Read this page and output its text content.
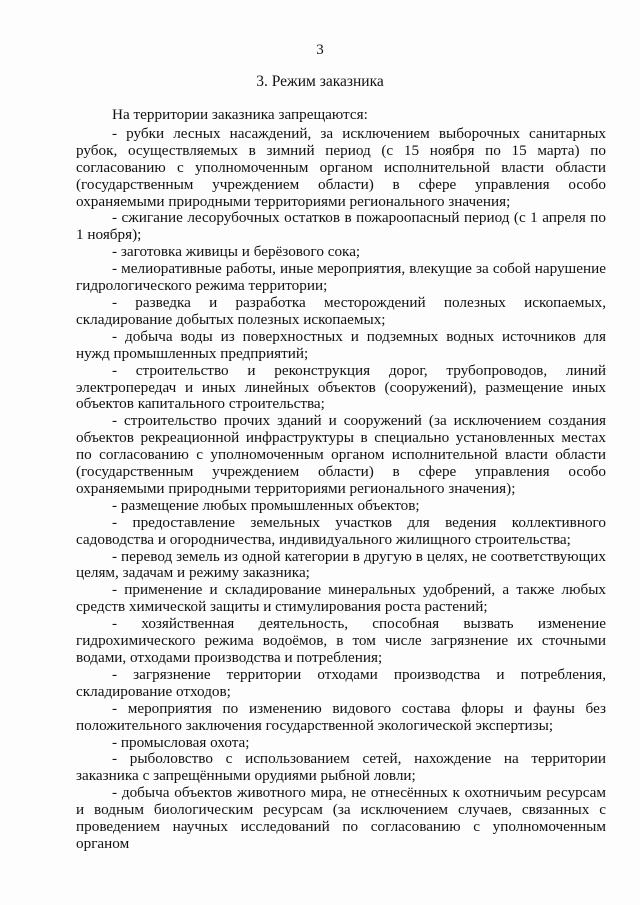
3
3. Режим заказника

На территории заказника запрещаются:

- рубки лесных насаждений, за исключением выборочных санитарных рубок, осуществляемых в зимний период (с 15 ноября по 15 марта) по согласованию с уполномоченным органом исполнительной власти области (государственным учреждением области) в сфере управления особо охраняемыми природными территориями регионального значения;

- сжигание лесорубочных остатков в пожароопасный период (с 1 апреля по 1 ноября);

- заготовка живицы и берёзового сока;

- мелиоративные работы, иные мероприятия, влекущие за собой нарушение гидрологического режима территории;

- разведка и разработка месторождений полезных ископаемых, складирование добытых полезных ископаемых;

- добыча воды из поверхностных и подземных водных источников для нужд промышленных предприятий;

- строительство и реконструкция дорог, трубопроводов, линий электропередач и иных линейных объектов (сооружений), размещение иных объектов капитального строительства;

- строительство прочих зданий и сооружений (за исключением создания объектов рекреационной инфраструктуры в специально установленных местах по согласованию с уполномоченным органом исполнительной власти области (государственным учреждением области) в сфере управления особо охраняемыми природными территориями регионального значения);

- размещение любых промышленных объектов;

- предоставление земельных участков для ведения коллективного садоводства и огородничества, индивидуального жилищного строительства;

- перевод земель из одной категории в другую в целях, не соответствующих целям, задачам и режиму заказника;

- применение и складирование минеральных удобрений, а также любых средств химической защиты и стимулирования роста растений;

- хозяйственная деятельность, способная вызвать изменение гидрохимического режима водоёмов, в том числе загрязнение их сточными водами, отходами производства и потребления;

- загрязнение территории отходами производства и потребления, складирование отходов;

- мероприятия по изменению видового состава флоры и фауны без положительного заключения государственной экологической экспертизы;

- промысловая охота;

- рыболовство с использованием сетей, нахождение на территории заказника с запрещёнными орудиями рыбной ловли;

- добыча объектов животного мира, не отнесённых к охотничьим ресурсам и водным биологическим ресурсам (за исключением случаев, связанных с проведением научных исследований по согласованию с уполномоченным органом
